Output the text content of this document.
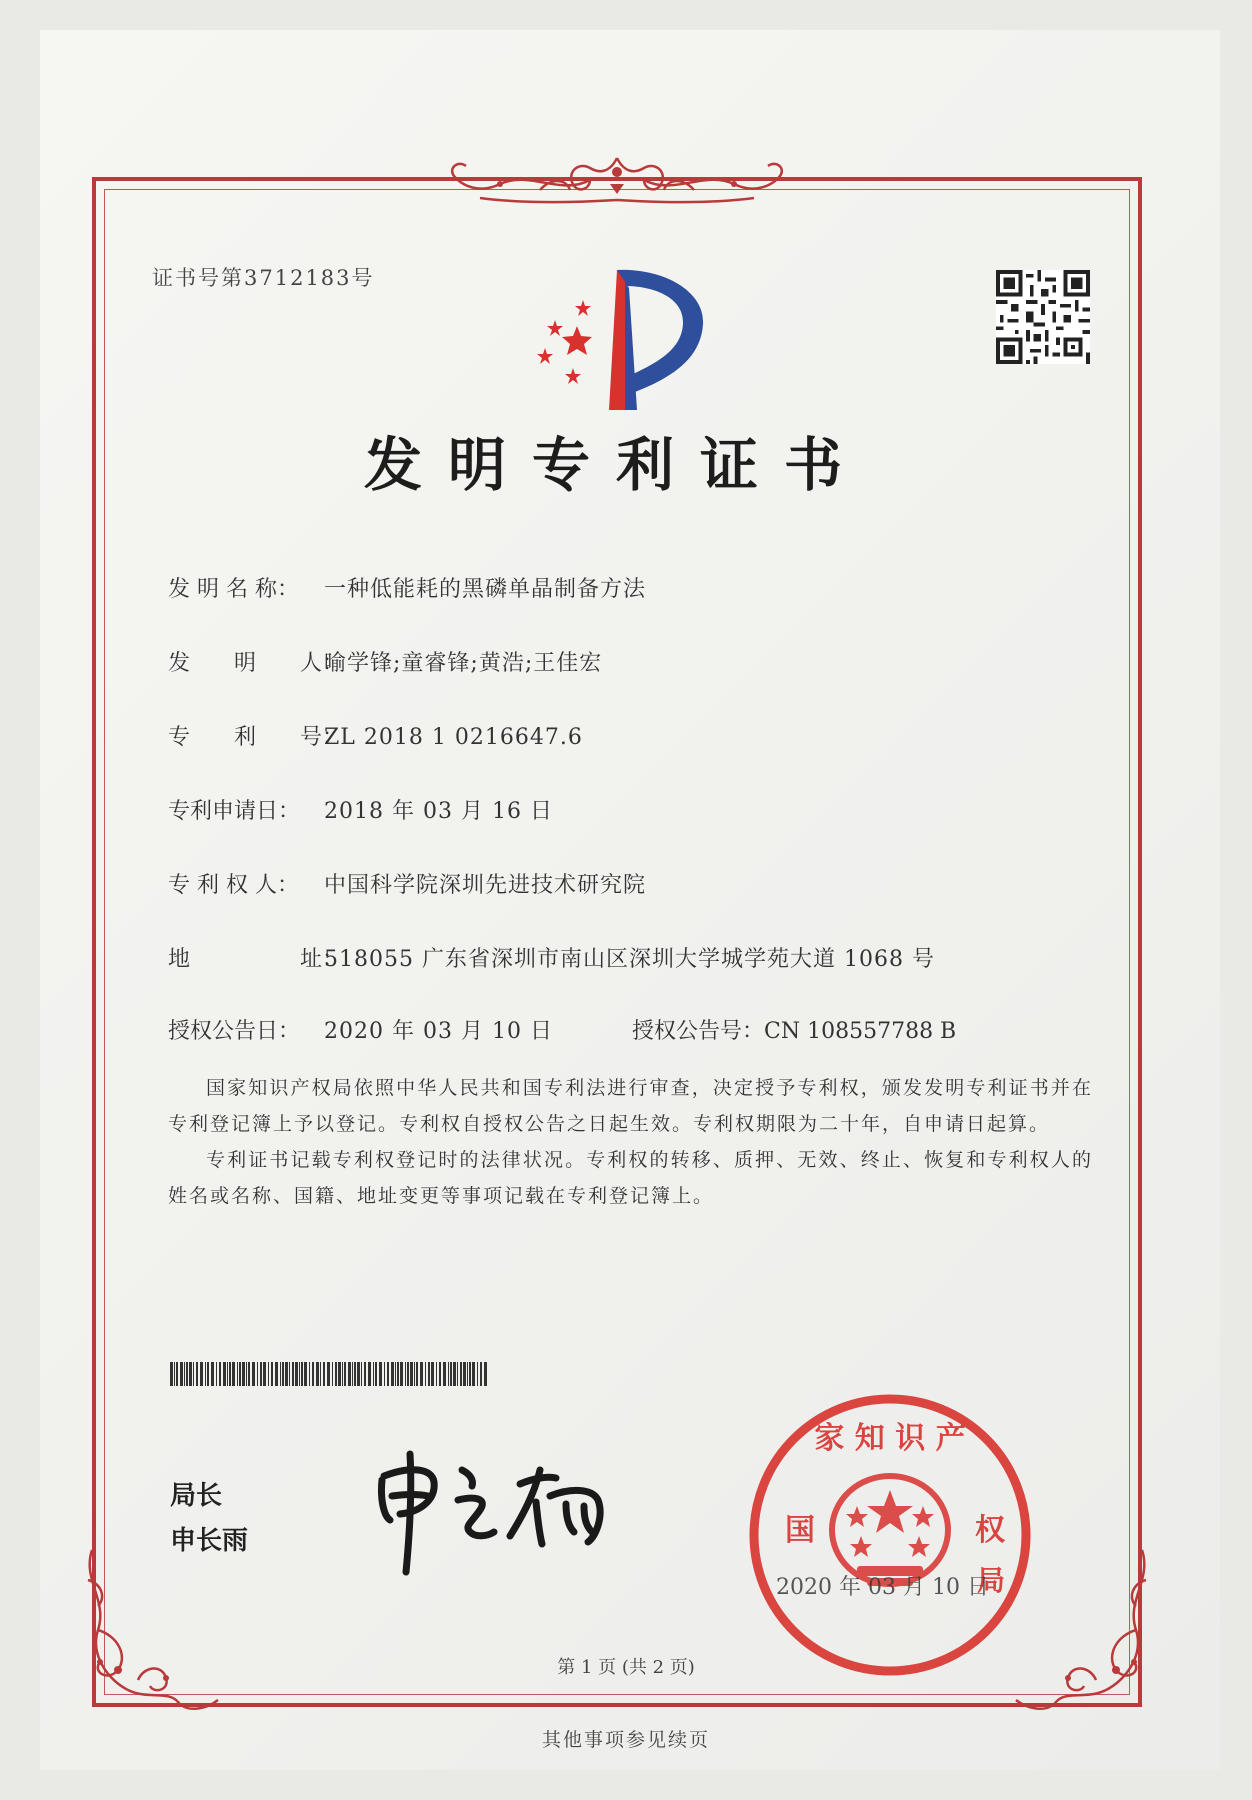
证书号第3712183号
发明专利证书
发 明 名 称： 一种低能耗的黑磷单晶制备方法
发　　明　　人：喻学锋;童睿锋;黄浩;王佳宏
专　　利　　号：ZL 2018 1 0216647.6
专利申请日： 2018 年 03 月 16 日
专 利 权 人： 中国科学院深圳先进技术研究院
地　　　　　址：518055 广东省深圳市南山区深圳大学城学苑大道 1068 号
授权公告日： 2020 年 03 月 10 日	授权公告号：CN 108557788 B

国家知识产权局依照中华人民共和国专利法进行审查，决定授予专利权，颁发发明专利证书并在专利登记簿上予以登记。专利权自授权公告之日起生效。专利权期限为二十年，自申请日起算。

专利证书记载专利权登记时的法律状况。专利权的转移、质押、无效、终止、恢复和专利权人的姓名或名称、国籍、地址变更等事项记载在专利登记簿上。

局长
申长雨
家 知 识 产
国	权
局
2020 年 03 月 10 日
第 1 页 (共 2 页)
其他事项参见续页
